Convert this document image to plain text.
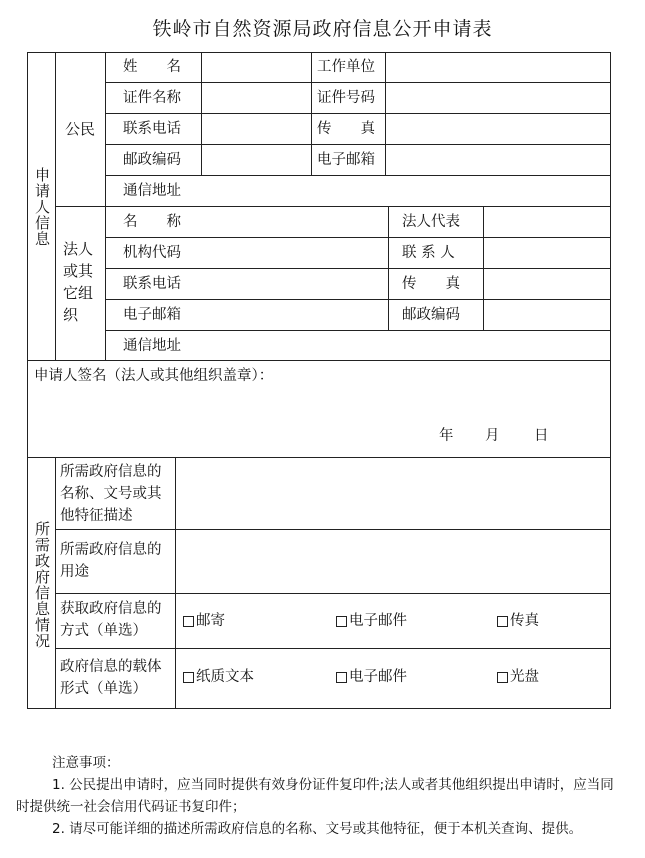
铁岭市自然资源局政府信息公开申请表
申请人信息
所需政府信息情况
公民
法人或其它组织
姓　　名	工作单位
证件名称	证件号码
联系电话	传　　真
邮政编码	电子邮箱
通信地址
名　　称	法人代表
机构代码	联 系 人
联系电话	传　　真
电子邮箱	邮政编码
通信地址
申请人签名（法人或其他组织盖章）：
年 月 日
所需政府信息的名称、文号或其他特征描述
所需政府信息的用途
获取政府信息的方式（单选）
邮寄	电子邮件	传真
政府信息的载体形式（单选）
纸质文本	电子邮件	光盘
注意事项：
1. 公民提出申请时，应当同时提供有效身份证件复印件;法人或者其他组织提出申请时，应当同时提供统一社会信用代码证书复印件；
2. 请尽可能详细的描述所需政府信息的名称、文号或其他特征，便于本机关查询、提供。
